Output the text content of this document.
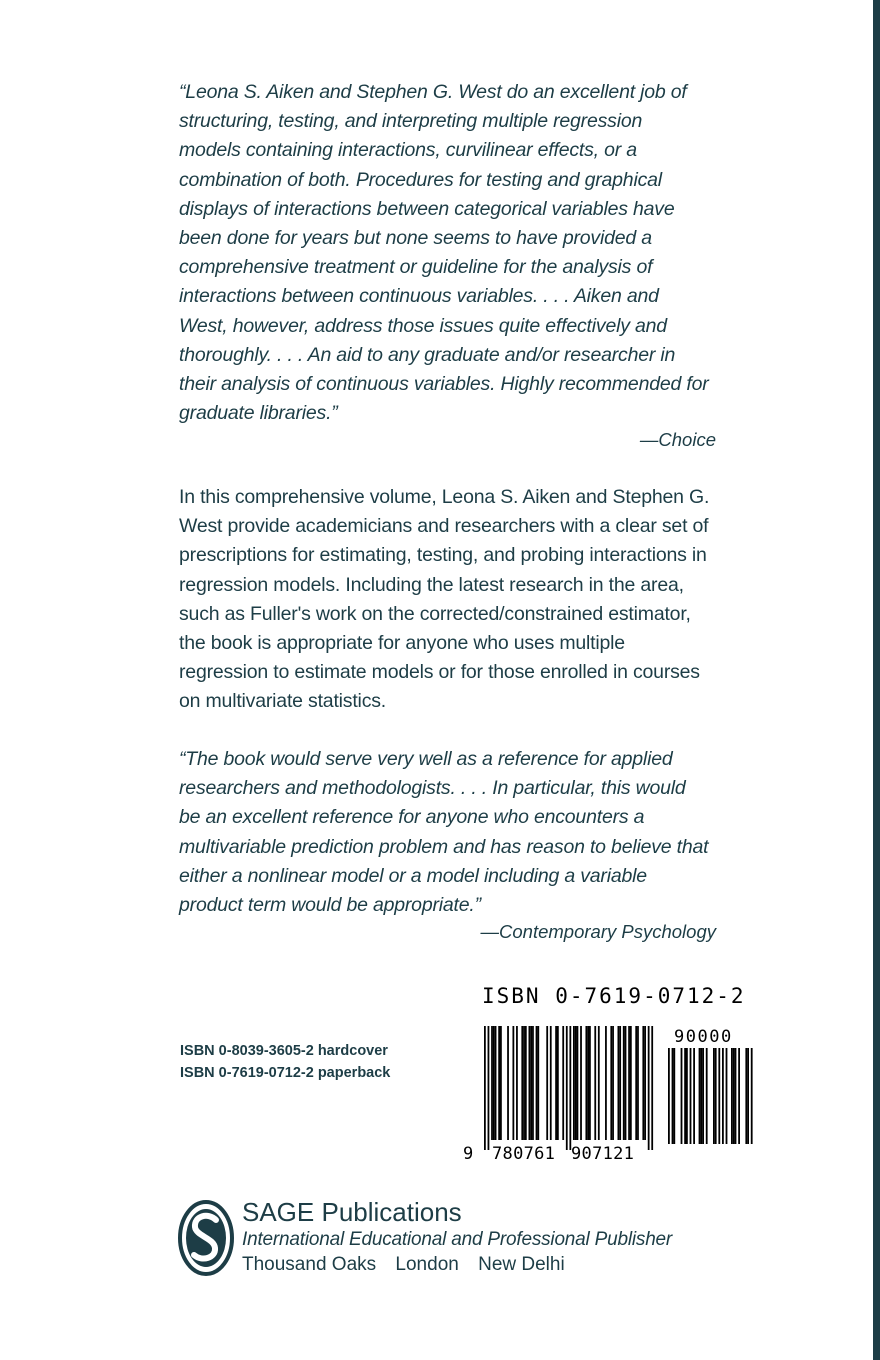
“Leona S. Aiken and Stephen G. West do an excellent job of
structuring, testing, and interpreting multiple regression
models containing interactions, curvilinear effects, or a
combination of both. Procedures for testing and graphical
displays of interactions between categorical variables have
been done for years but none seems to have provided a
comprehensive treatment or guideline for the analysis of
interactions between continuous variables. . . . Aiken and
West, however, address those issues quite effectively and
thoroughly. . . . An aid to any graduate and/or researcher in
their analysis of continuous variables. Highly recommended for
graduate libraries.”

—Choice

In this comprehensive volume, Leona S. Aiken and Stephen G.
West provide academicians and researchers with a clear set of
prescriptions for estimating, testing, and probing interactions in
regression models. Including the latest research in the area,
such as Fuller's work on the corrected/constrained estimator,
the book is appropriate for anyone who uses multiple
regression to estimate models or for those enrolled in courses
on multivariate statistics.

“The book would serve very well as a reference for applied
researchers and methodologists. . . . In particular, this would
be an excellent reference for anyone who encounters a
multivariable prediction problem and has reason to believe that
either a nonlinear model or a model including a variable
product term would be appropriate.”

—Contemporary Psychology
ISBN 0-8039-3605-2 hardcover
ISBN 0-7619-0712-2 paperback
ISBN 0-7619-0712-2
9 780761 907121
90000
SAGE Publications
International Educational and Professional Publisher
Thousand Oaks London New Delhi
